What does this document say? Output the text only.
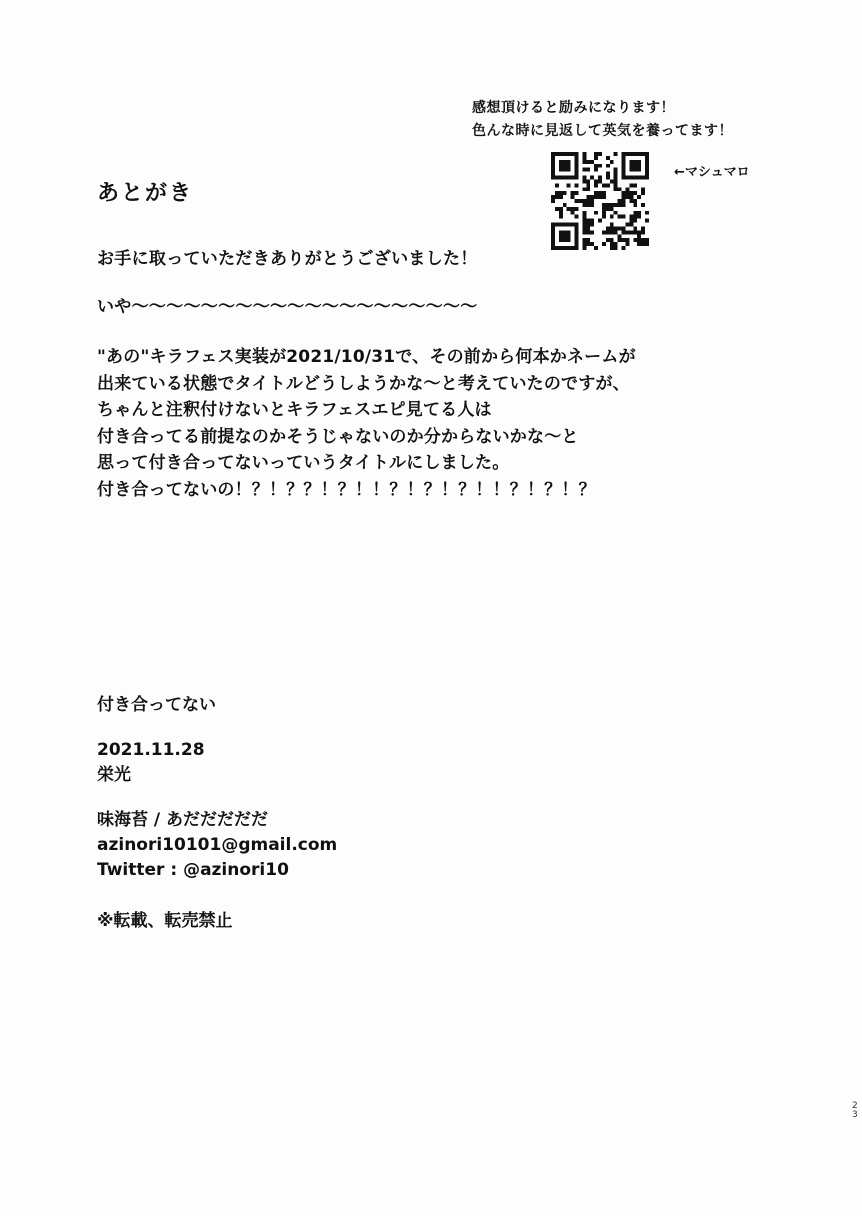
感想頂けると励みになります！
色んな時に見返して英気を養ってます！
←マシュマロ
あとがき
お手に取っていただきありがとうございました！
いや〜〜〜〜〜〜〜〜〜〜〜〜〜〜〜〜〜〜〜〜
"あの"キラフェス実装が2021/10/31で、その前から何本かネームが
出来ている状態でタイトルどうしようかな〜と考えていたのですが、
ちゃんと注釈付けないとキラフェスエピ見てる人は
付き合ってる前提なのかそうじゃないのか分からないかな〜と
思って付き合ってないっていうタイトルにしました。
付き合ってないの！？！？？！？！！？！？！？！！？！？！？
付き合ってない
2021.11.28
栄光
味海苔 / あだだだだだ
azinori10101@gmail.com
Twitter : @azinori10
※転載、転売禁止
2
3
